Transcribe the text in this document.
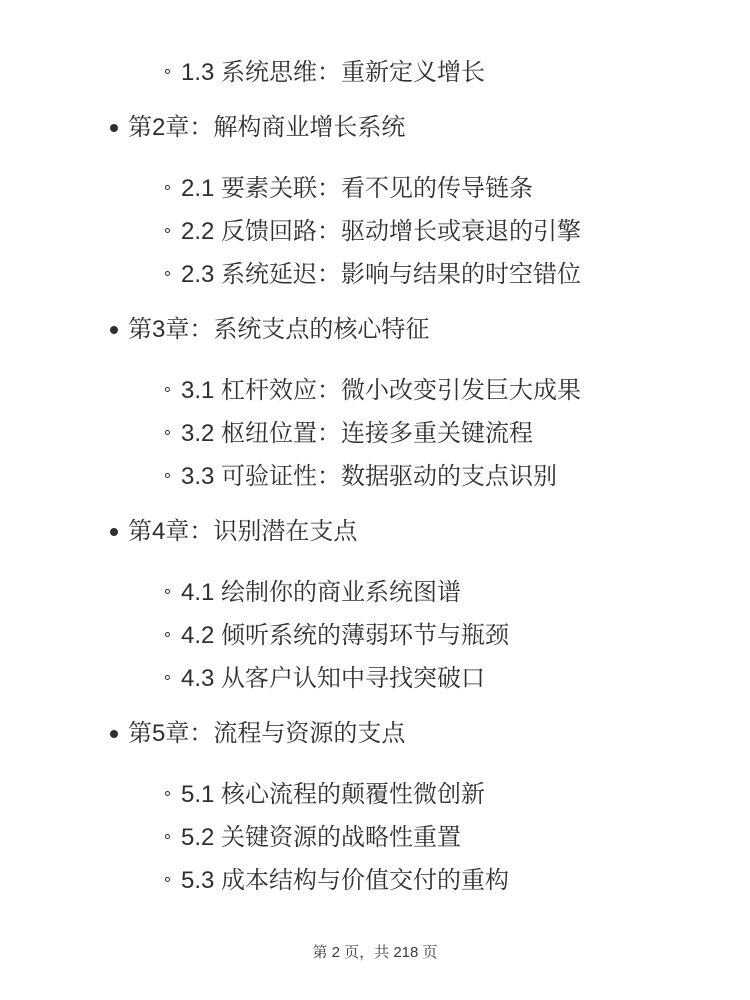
1.3 系统思维：重新定义增长
第2章：解构商业增长系统
2.1 要素关联：看不见的传导链条
2.2 反馈回路：驱动增长或衰退的引擎
2.3 系统延迟：影响与结果的时空错位
第3章：系统支点的核心特征
3.1 杠杆效应：微小改变引发巨大成果
3.2 枢纽位置：连接多重关键流程
3.3 可验证性：数据驱动的支点识别
第4章：识别潜在支点
4.1 绘制你的商业系统图谱
4.2 倾听系统的薄弱环节与瓶颈
4.3 从客户认知中寻找突破口
第5章：流程与资源的支点
5.1 核心流程的颠覆性微创新
5.2 关键资源的战略性重置
5.3 成本结构与价值交付的重构
第 2 页，共 218 页
